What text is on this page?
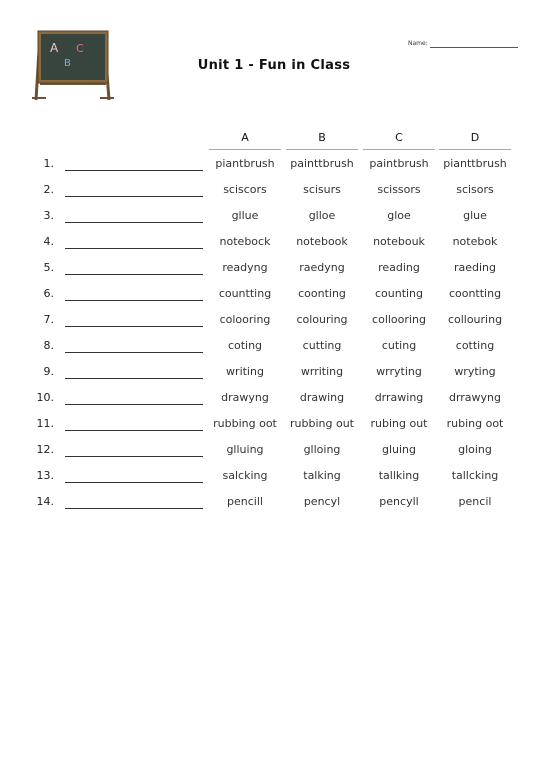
A
B
C	Name:
Unit 1 - Fun in Class
A	B	C	D
1.	piantbrush	painttbrush	paintbrush	pianttbrush
2.	sciscors	scisurs	scissors	scisors
3.	gllue	glloe	gloe	glue
4.	notebock	notebook	notebouk	notebok
5.	readyng	raedyng	reading	raeding
6.	countting	coonting	counting	coontting
7.	colooring	colouring	collooring	collouring
8.	coting	cutting	cuting	cotting
9.	writing	wrriting	wrryting	wryting
10.	drawyng	drawing	drrawing	drrawyng
11.	rubbing oot	rubbing out	rubing out	rubing oot
12.	glluing	glloing	gluing	gloing
13.	salcking	talking	tallking	tallcking
14.	pencill	pencyl	pencyll	pencil
